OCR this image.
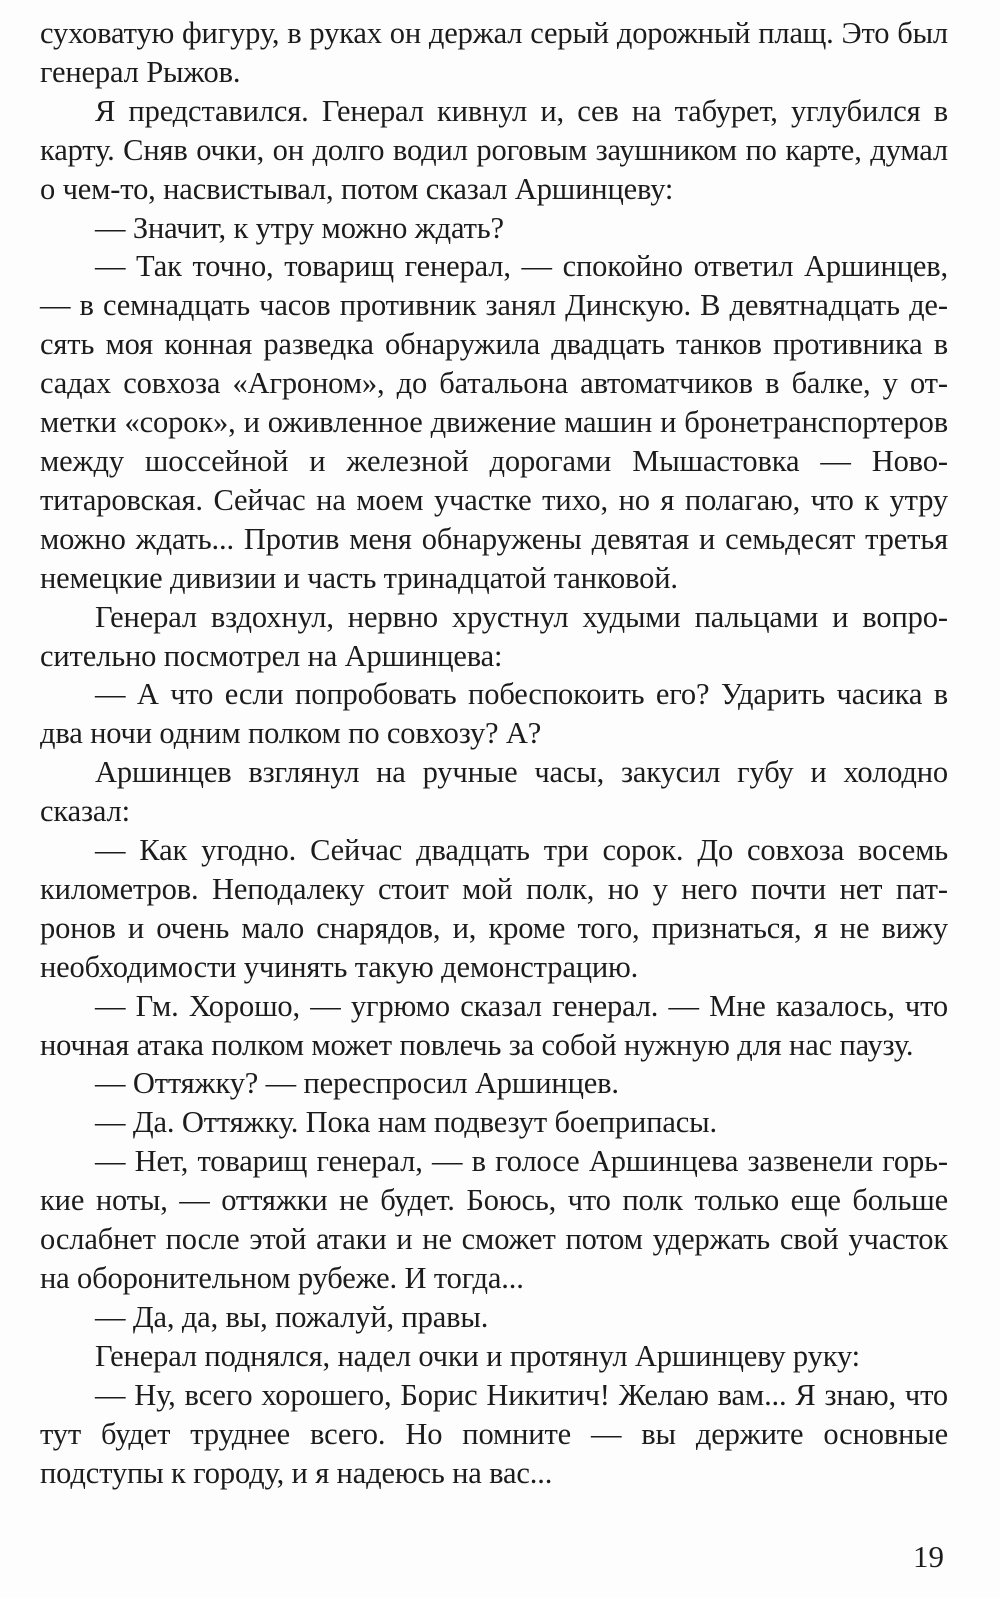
суховатую фигуру, в руках он держал серый дорожный плащ. Это был генерал Рыжов.

Я представился. Генерал кивнул и, сев на табурет, углубился в карту. Сняв очки, он долго водил роговым заушником по карте, думал о чем-то, насвистывал, потом сказал Аршинцеву:

— Значит, к утру можно ждать?

— Так точно, товарищ генерал, — спокойно ответил Аршинцев, — в семнадцать часов противник занял Динскую. В девятнадцать десять моя конная разведка обнаружила двадцать танков противника в садах совхоза «Агроном», до батальона автоматчиков в балке, у отметки «сорок», и оживленное движение машин и бронетранспортеров между шоссейной и железной дорогами Мышастовка — Новотитаровская. Сейчас на моем участке тихо, но я полагаю, что к утру можно ждать... Против меня обнаружены девятая и семьдесят третья немецкие дивизии и часть тринадцатой танковой.

Генерал вздохнул, нервно хрустнул худыми пальцами и вопросительно посмотрел на Аршинцева:

— А что если попробовать побеспокоить его? Ударить часика в два ночи одним полком по совхозу? А?

Аршинцев взглянул на ручные часы, закусил губу и холодно сказал:

— Как угодно. Сейчас двадцать три сорок. До совхоза восемь километров. Неподалеку стоит мой полк, но у него почти нет патронов и очень мало снарядов, и, кроме того, признаться, я не вижу необходимости учинять такую демонстрацию.

— Гм. Хорошо, — угрюмо сказал генерал. — Мне казалось, что ночная атака полком может повлечь за собой нужную для нас паузу.

— Оттяжку? — переспросил Аршинцев.

— Да. Оттяжку. Пока нам подвезут боеприпасы.

— Нет, товарищ генерал, — в голосе Аршинцева зазвенели горькие ноты, — оттяжки не будет. Боюсь, что полк только еще больше ослабнет после этой атаки и не сможет потом удержать свой участок на оборонительном рубеже. И тогда...

— Да, да, вы, пожалуй, правы.

Генерал поднялся, надел очки и протянул Аршинцеву руку:

— Ну, всего хорошего, Борис Никитич! Желаю вам... Я знаю, что тут будет труднее всего. Но помните — вы держите основные подступы к городу, и я надеюсь на вас...

19
